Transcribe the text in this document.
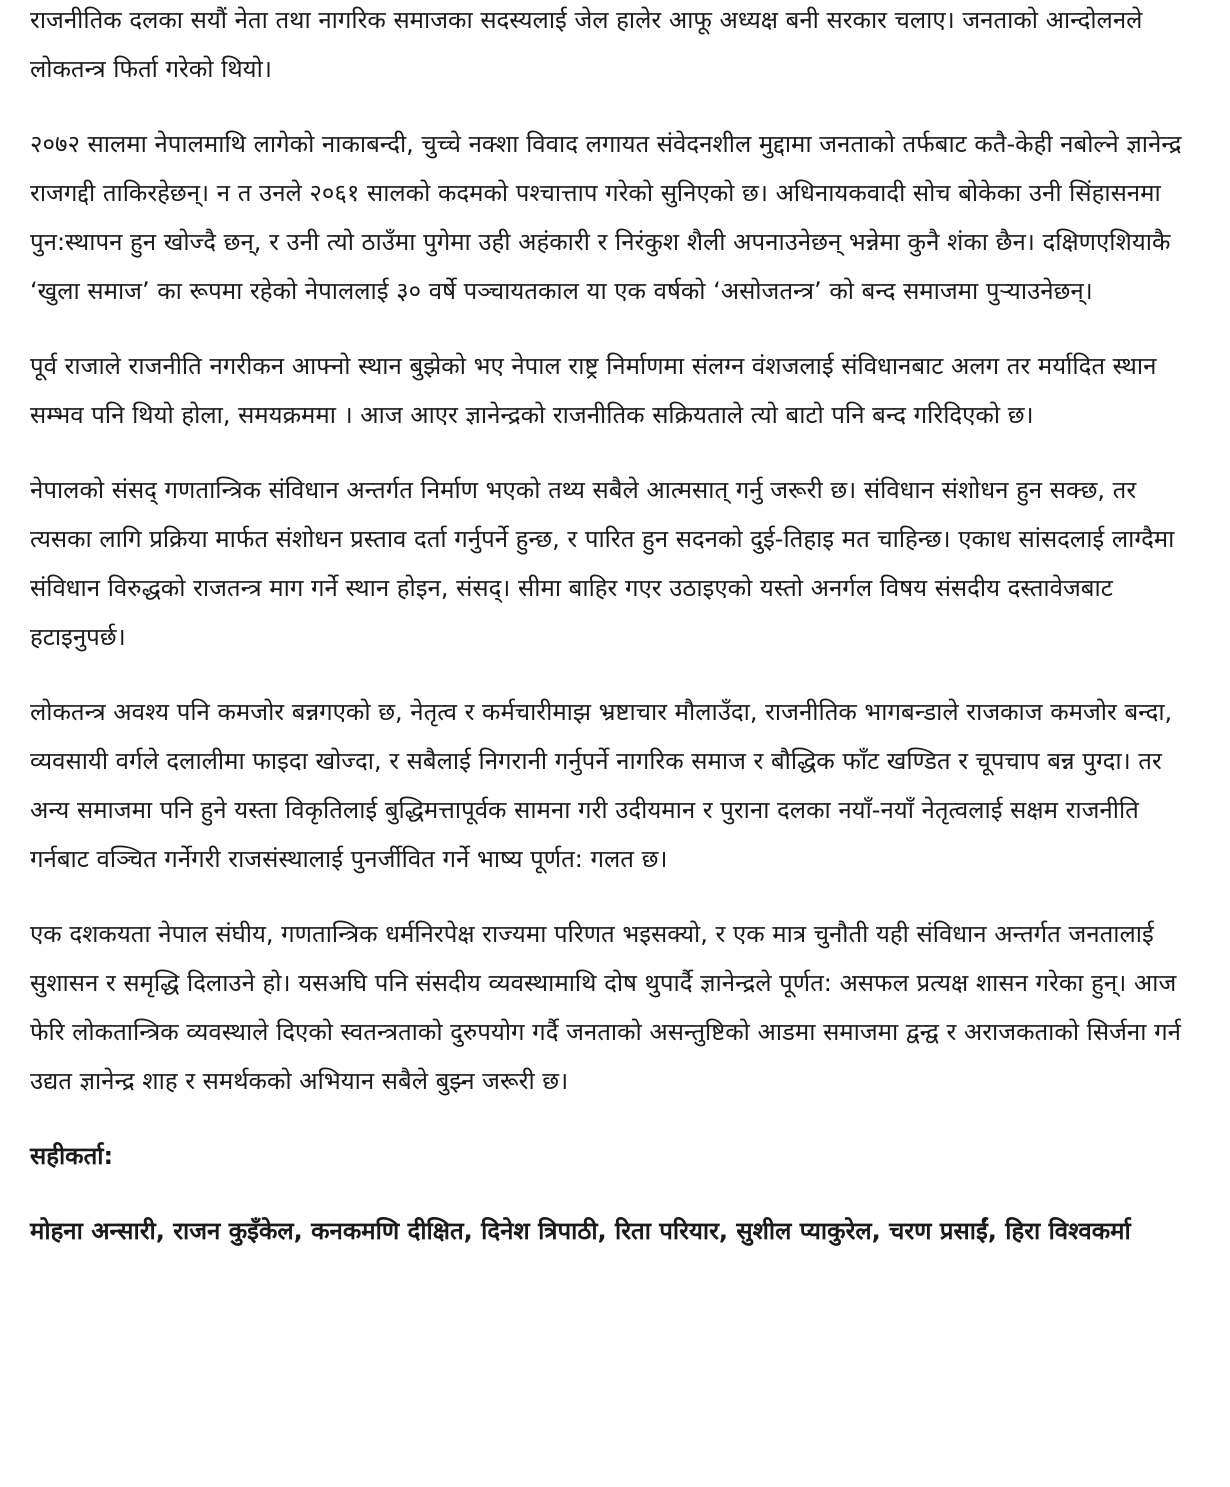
राजनीतिक दलका सयौं नेता तथा नागरिक समाजका सदस्यलाई जेल हालेर आफू अध्यक्ष बनी सरकार चलाए। जनताको आन्दोलनले लोकतन्त्र फिर्ता गरेको थियो।

२०७२ सालमा नेपालमाथि लागेको नाकाबन्दी, चुच्चे नक्शा विवाद लगायत संवेदनशील मुद्दामा जनताको तर्फबाट कतै-केही नबोल्ने ज्ञानेन्द्र राजगद्दी ताकिरहेछन्। न त उनले २०६१ सालको कदमको पश्चात्ताप गरेको सुनिएको छ। अधिनायकवादी सोच बोकेका उनी सिंहासनमा पुन:स्थापन हुन खोज्दै छन्, र उनी त्यो ठाउँमा पुगेमा उही अहंकारी र निरंकुश शैली अपनाउनेछन् भन्नेमा कुनै शंका छैन। दक्षिणएशियाकै ‘खुला समाज’ का रूपमा रहेको नेपाललाई ३० वर्षे पञ्चायतकाल या एक वर्षको ‘असोजतन्त्र’ को बन्द समाजमा पुऱ्याउनेछन्।

पूर्व राजाले राजनीति नगरीकन आफ्नो स्थान बुझेको भए नेपाल राष्ट्र निर्माणमा संलग्न वंशजलाई संविधानबाट अलग तर मर्यादित स्थान सम्भव पनि थियो होला, समयक्रममा । आज आएर ज्ञानेन्द्रको राजनीतिक सक्रियताले त्यो बाटो पनि बन्द गरिदिएको छ।

नेपालको संसद् गणतान्त्रिक संविधान अन्तर्गत निर्माण भएको तथ्य सबैले आत्मसात् गर्नु जरूरी छ। संविधान संशोधन हुन सक्छ, तर त्यसका लागि प्रक्रिया मार्फत संशोधन प्रस्ताव दर्ता गर्नुपर्ने हुन्छ, र पारित हुन सदनको दुई-तिहाइ मत चाहिन्छ। एकाध सांसदलाई लाग्दैमा संविधान विरुद्धको राजतन्त्र माग गर्ने स्थान होइन, संसद्। सीमा बाहिर गएर उठाइएको यस्तो अनर्गल विषय संसदीय दस्तावेजबाट हटाइनुपर्छ।

लोकतन्त्र अवश्य पनि कमजोर बन्नगएको छ, नेतृत्व र कर्मचारीमाझ भ्रष्टाचार मौलाउँदा, राजनीतिक भागबन्डाले राजकाज कमजोर बन्दा, व्यवसायी वर्गले दलालीमा फाइदा खोज्दा, र सबैलाई निगरानी गर्नुपर्ने नागरिक समाज र बौद्धिक फाँट खण्डित र चूपचाप बन्न पुग्दा। तर अन्य समाजमा पनि हुने यस्ता विकृतिलाई बुद्धिमत्तापूर्वक सामना गरी उदीयमान र पुराना दलका नयाँ-नयाँ नेतृत्वलाई सक्षम राजनीति गर्नबाट वञ्चित गर्नेगरी राजसंस्थालाई पुनर्जीवित गर्ने भाष्य पूर्णत: गलत छ।

एक दशकयता नेपाल संघीय, गणतान्त्रिक धर्मनिरपेक्ष राज्यमा परिणत भइसक्यो, र एक मात्र चुनौती यही संविधान अन्तर्गत जनतालाई सुशासन र समृद्धि दिलाउने हो। यसअघि पनि संसदीय व्यवस्थामाथि दोष थुपार्दै ज्ञानेन्द्रले पूर्णत: असफल प्रत्यक्ष शासन गरेका हुन्। आज फेरि लोकतान्त्रिक व्यवस्थाले दिएको स्वतन्त्रताको दुरुपयोग गर्दै जनताको असन्तुष्टिको आडमा समाजमा द्वन्द्व र अराजकताको सिर्जना गर्न उद्यत ज्ञानेन्द्र शाह र समर्थकको अभियान सबैले बुझ्न जरूरी छ।

सहीकर्ता:

मोहना अन्सारी, राजन कुइँकेल, कनकमणि दीक्षित, दिनेश त्रिपाठी, रिता परियार, सुशील प्याकुरेल, चरण प्रसाईं, हिरा विश्वकर्मा
